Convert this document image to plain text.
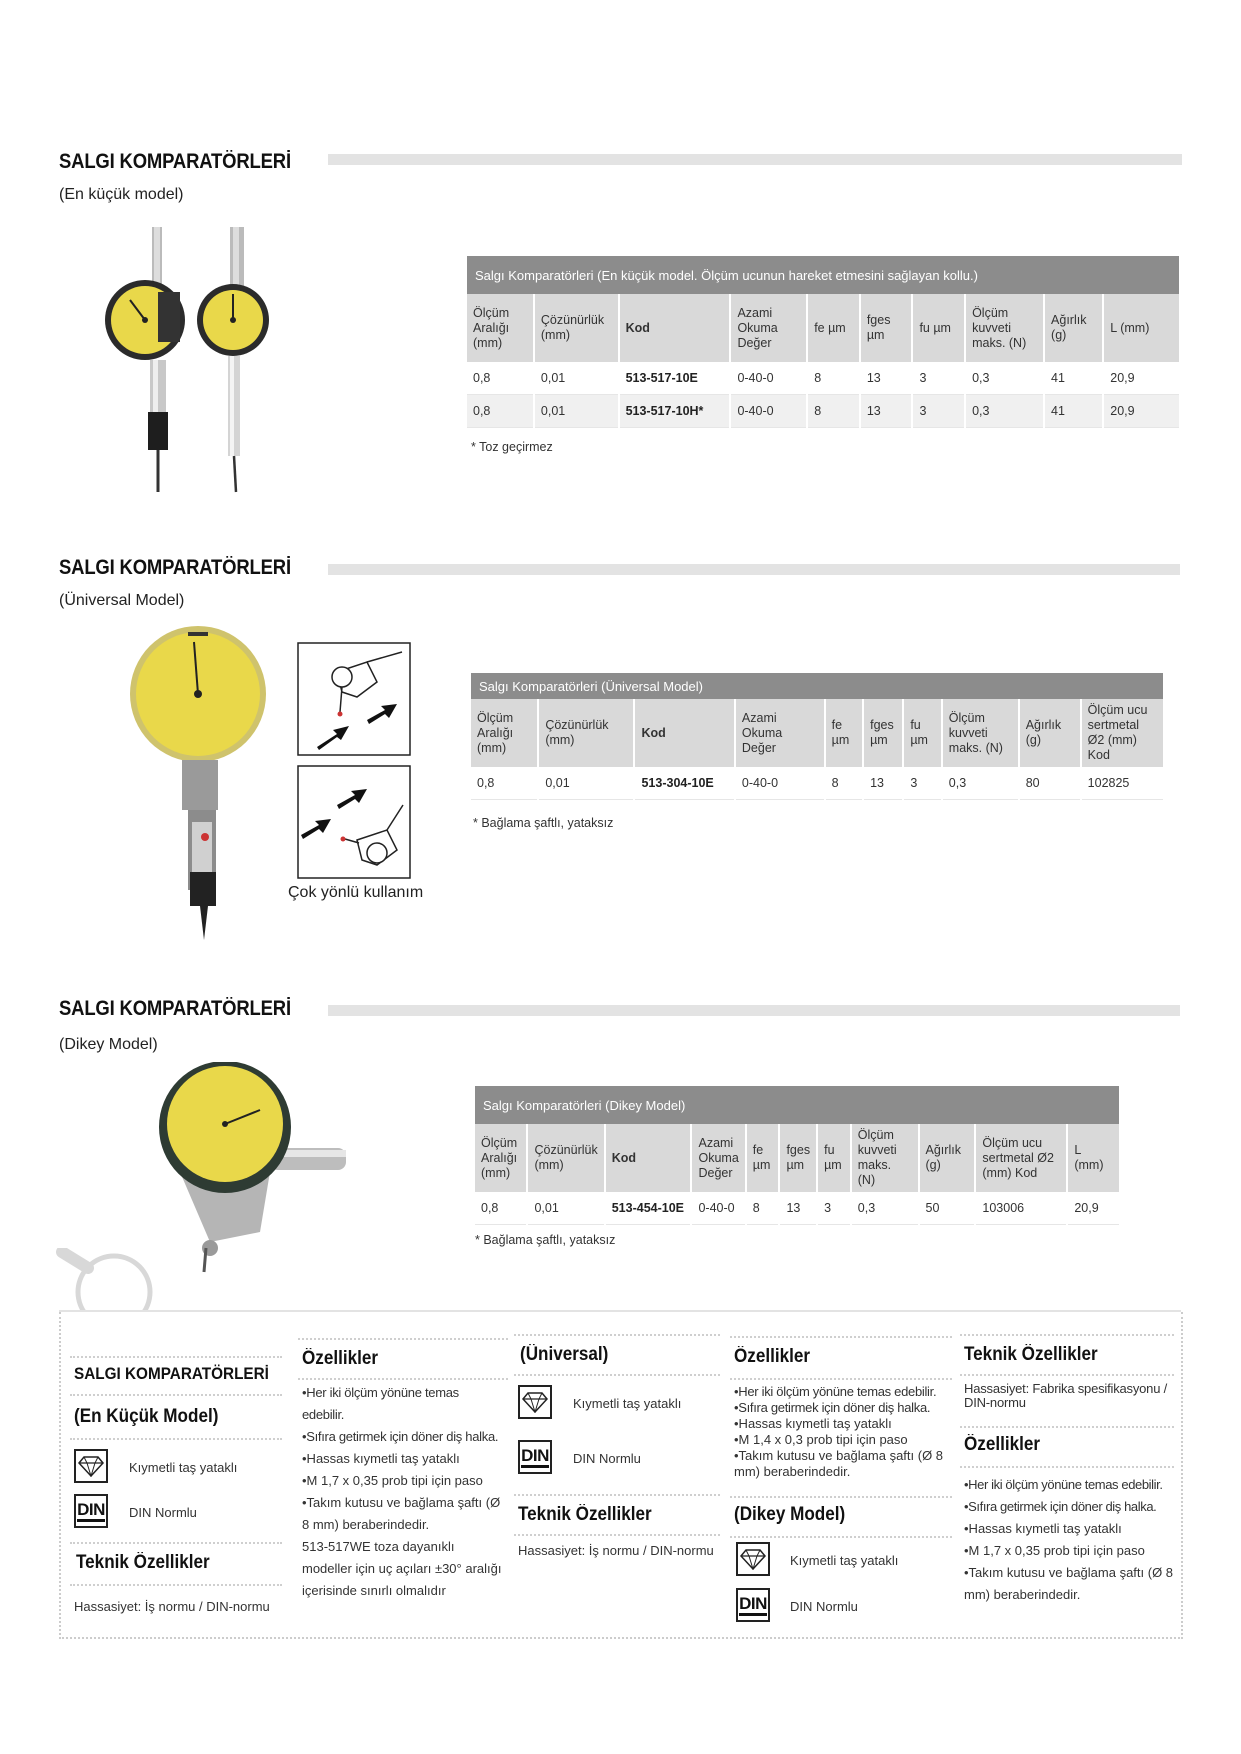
SALGI KOMPARATÖRLERİ
(En küçük model)
Salgı Komparatörleri (En küçük model. Ölçüm ucunun hareket etmesini sağlayan kollu.)									
Ölçüm Aralığı (mm)	Çözünürlük (mm)	Kod	Azami Okuma Değer	fe µm	fges µm	fu µm	Ölçüm kuvveti maks. (N)	Ağırlık (g)	L (mm)
0,8	0,01	513-517-10E	0-40-0	8	13	3	0,3	41	20,9
0,8	0,01	513-517-10H*	0-40-0	8	13	3	0,3	41	20,9
* Toz geçirmez
SALGI KOMPARATÖRLERİ
(Üniversal Model)
Çok yönlü kullanım
Salgı Komparatörleri (Üniversal Model)									
Ölçüm Aralığı (mm)	Çözünürlük (mm)	Kod	Azami Okuma Değer	fe µm	fges µm	fu µm	Ölçüm kuvveti maks. (N)	Ağırlık (g)	Ölçüm ucu sertmetal Ø2 (mm) Kod
0,8	0,01	513-304-10E	0-40-0	8	13	3	0,3	80	102825
* Bağlama şaftlı, yataksız
SALGI KOMPARATÖRLERİ
(Dikey Model)
Salgı Komparatörleri (Dikey Model)										
Ölçüm Aralığı (mm)	Çözünürlük (mm)	Kod	Azami Okuma Değer	fe µm	fges µm	fu µm	Ölçüm kuvveti maks. (N)	Ağırlık (g)	Ölçüm ucu sertmetal Ø2 (mm) Kod	L (mm)
0,8	0,01	513-454-10E	0-40-0	8	13	3	0,3	50	103006	20,9
* Bağlama şaftlı, yataksız
SALGI KOMPARATÖRLERİ
(En Küçük Model)
Kıymetli taş yataklı
DIN DIN Normlu
Teknik Özellikler
Hassasiyet: İş normu / DIN-normu
Özellikler
•Her iki ölçüm yönüne temas edebilir.
•Sıfıra getirmek için döner diş halka.
•Hassas kıymetli taş yataklı
•M 1,7 x 0,35 prob tipi için paso
•Takım kutusu ve bağlama şaftı (Ø 8 mm) beraberindedir.
513-517WE toza dayanıklı modeller için uç açıları ±30° aralığı içerisinde sınırlı olmalıdır
(Üniversal)
Kıymetli taş yataklı
DIN DIN Normlu
Teknik Özellikler
Hassasiyet: İş normu / DIN-normu
Özellikler
•Her iki ölçüm yönüne temas edebilir.
•Sıfıra getirmek için döner diş halka.
•Hassas kıymetli taş yataklı
•M 1,4 x 0,3 prob tipi için paso
•Takım kutusu ve bağlama şaftı (Ø 8 mm) beraberindedir.
(Dikey Model)
Kıymetli taş yataklı
DIN DIN Normlu
Teknik Özellikler
Hassasiyet: Fabrika spesifikasyonu / DIN-normu
Özellikler
•Her iki ölçüm yönüne temas edebilir.
•Sıfıra getirmek için döner diş halka.
•Hassas kıymetli taş yataklı
•M 1,7 x 0,35 prob tipi için paso
•Takım kutusu ve bağlama şaftı (Ø 8 mm) beraberindedir.
